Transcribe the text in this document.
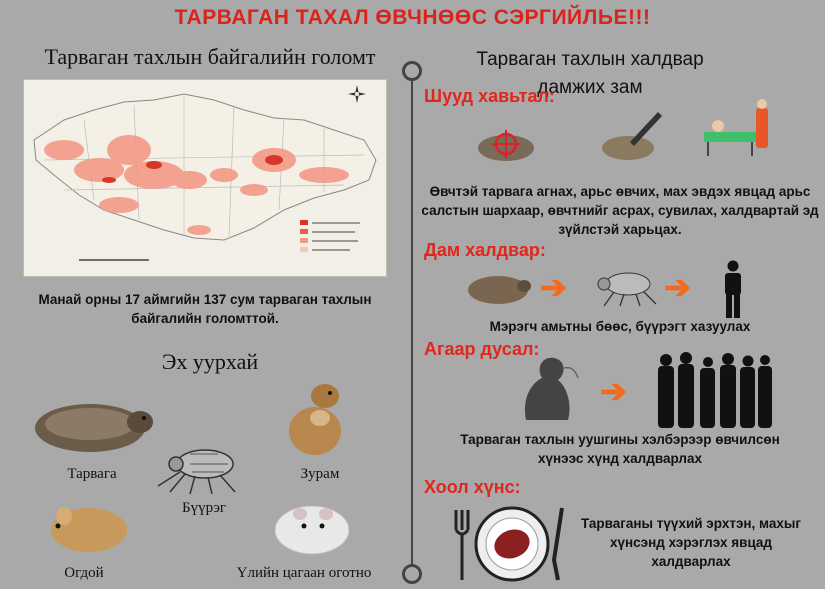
ТАРВАГАН ТАХАЛ ӨВЧНӨӨС СЭРГИЙЛЬЕ!!!
Тарваган тахлын байгалийн голомт
Манай орны 17 аймгийн 137 сум тарваган тахлын байгалийн голомттой.
Эх уурхай
Тарвага
Бүүрэг
Зурам
Огдой	Үлийн цагаан оготно
Тарваган тахлын халдвар дамжих зам
Шууд хавьтал:
Өвчтэй тарвага агнах, арьс өвчих, мах эвдэх явцад арьс салстын шархаар, өвчтнийг асрах, сувилах, халдвартай эд зүйлстэй харьцах.
Дам халдвар:
➔	➔
Мэрэгч амьтны бөөс, бүүрэгт хазуулах
Агаар дусал:
➔
Тарваган тахлын уушгины хэлбэрээр өвчилсөн хүнээс хүнд халдварлах
Хоол хүнс:
Тарваганы түүхий эрхтэн, махыг хүнсэнд хэрэглэх явцад халдварлах
